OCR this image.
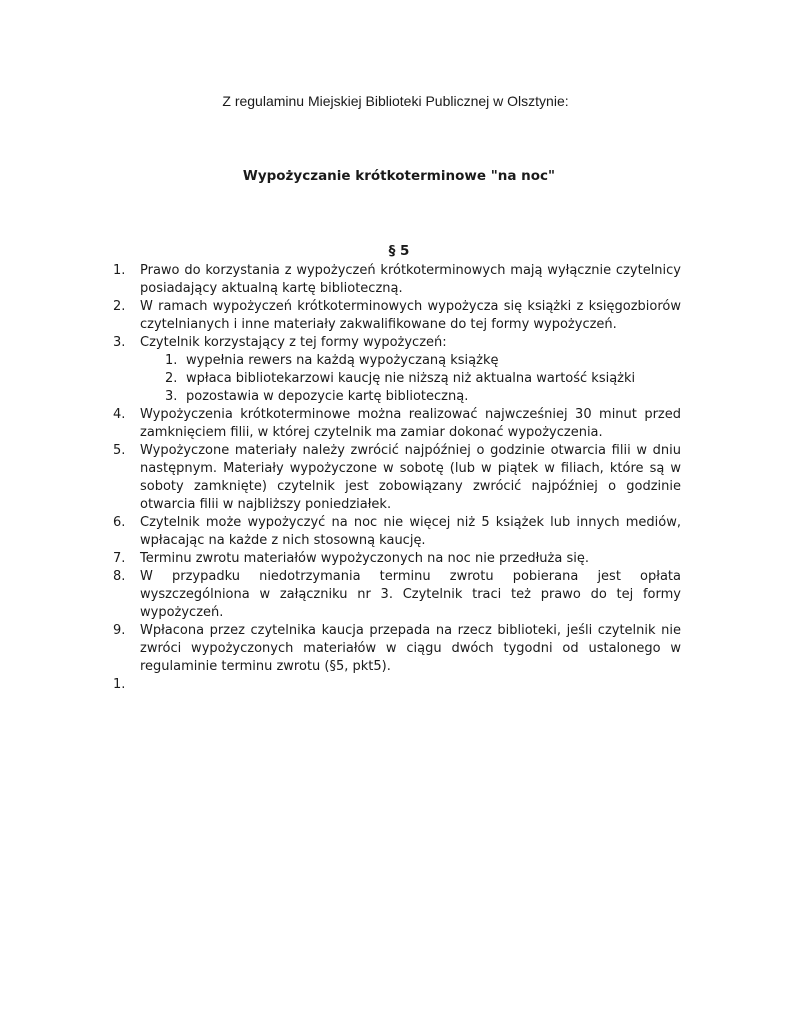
Z regulaminu Miejskiej Biblioteki Publicznej w Olsztynie:

Wypożyczanie krótkoterminowe "na noc"

§ 5

1.	Prawo do korzystania z wypożyczeń krótkoterminowych mają wyłącznie czytelnicy posiadający aktualną kartę biblioteczną.
2.	W ramach wypożyczeń krótkoterminowych wypożycza się książki z księgozbiorów czytelnianych i inne materiały zakwalifikowane do tej formy wypożyczeń.
3.	Czytelnik korzystający z tej formy wypożyczeń:
1. wypełnia rewers na każdą wypożyczaną książkę
2. wpłaca bibliotekarzowi kaucję nie niższą niż aktualna wartość książki
3. pozostawia w depozycie kartę biblioteczną.
4.	Wypożyczenia krótkoterminowe można realizować najwcześniej 30 minut przed zamknięciem filii, w której czytelnik ma zamiar dokonać wypożyczenia.
5.	Wypożyczone materiały należy zwrócić najpóźniej o godzinie otwarcia filii w dniu następnym. Materiały wypożyczone w sobotę (lub w piątek w filiach, które są w soboty zamknięte) czytelnik jest zobowiązany zwrócić najpóźniej o godzinie otwarcia filii w najbliższy poniedziałek.
6.	Czytelnik może wypożyczyć na noc nie więcej niż 5 książek lub innych mediów, wpłacając na każde z nich stosowną kaucję.
7.	Terminu zwrotu materiałów wypożyczonych na noc nie przedłuża się.
8.	W przypadku niedotrzymania terminu zwrotu pobierana jest opłata wyszczególniona w załączniku nr 3. Czytelnik traci też prawo do tej formy wypożyczeń.
9.	Wpłacona przez czytelnika kaucja przepada na rzecz biblioteki, jeśli czytelnik nie zwróci wypożyczonych materiałów w ciągu dwóch tygodni od ustalonego w regulaminie terminu zwrotu (§5, pkt5).
1.
